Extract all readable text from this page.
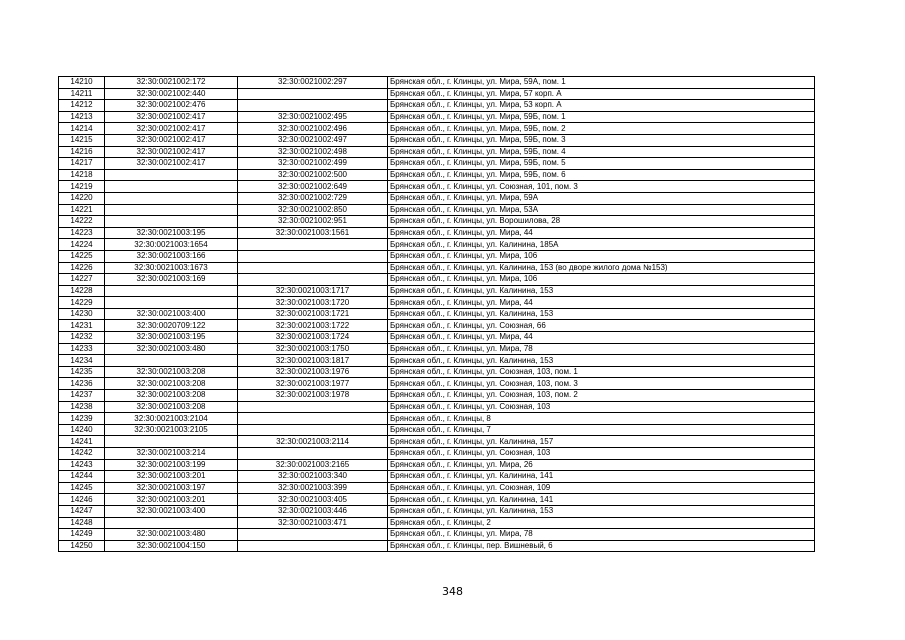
14210	32:30:0021002:172	32:30:0021002:297	Брянская обл., г. Клинцы, ул. Мира, 59А, пом. 1
14211	32:30:0021002:440		Брянская обл., г. Клинцы, ул. Мира, 57 корп. А
14212	32:30:0021002:476		Брянская обл., г. Клинцы, ул. Мира, 53 корп. А
14213	32:30:0021002:417	32:30:0021002:495	Брянская обл., г. Клинцы, ул. Мира, 59Б, пом. 1
14214	32:30:0021002:417	32:30:0021002:496	Брянская обл., г. Клинцы, ул. Мира, 59Б, пом. 2
14215	32:30:0021002:417	32:30:0021002:497	Брянская обл., г. Клинцы, ул. Мира, 59Б, пом. 3
14216	32:30:0021002:417	32:30:0021002:498	Брянская обл., г. Клинцы, ул. Мира, 59Б, пом. 4
14217	32:30:0021002:417	32:30:0021002:499	Брянская обл., г. Клинцы, ул. Мира, 59Б, пом. 5
14218		32:30:0021002:500	Брянская обл., г. Клинцы, ул. Мира, 59Б, пом. 6
14219		32:30:0021002:649	Брянская обл., г. Клинцы, ул. Союзная, 101, пом. 3
14220		32:30:0021002:729	Брянская обл., г. Клинцы, ул. Мира, 59А
14221		32:30:0021002:850	Брянская обл., г. Клинцы, ул. Мира, 53А
14222		32:30:0021002:951	Брянская обл., г. Клинцы, ул. Ворошилова, 28
14223	32:30:0021003:195	32:30:0021003:1561	Брянская обл., г. Клинцы, ул. Мира, 44
14224	32:30:0021003:1654		Брянская обл., г. Клинцы, ул. Калинина, 185А
14225	32:30:0021003:166		Брянская обл., г. Клинцы, ул. Мира, 106
14226	32:30:0021003:1673		Брянская обл., г. Клинцы, ул. Калинина, 153 (во дворе жилого дома №153)
14227	32:30:0021003:169		Брянская обл., г. Клинцы, ул. Мира, 106
14228		32:30:0021003:1717	Брянская обл., г. Клинцы, ул. Калинина, 153
14229		32:30:0021003:1720	Брянская обл., г. Клинцы, ул. Мира, 44
14230	32:30:0021003:400	32:30:0021003:1721	Брянская обл., г. Клинцы, ул. Калинина, 153
14231	32:30:0020709:122	32:30:0021003:1722	Брянская обл., г. Клинцы, ул. Союзная, 66
14232	32:30:0021003:195	32:30:0021003:1724	Брянская обл., г. Клинцы, ул. Мира, 44
14233	32:30:0021003:480	32:30:0021003:1750	Брянская обл., г. Клинцы, ул. Мира, 78
14234		32:30:0021003:1817	Брянская обл., г. Клинцы, ул. Калинина, 153
14235	32:30:0021003:208	32:30:0021003:1976	Брянская обл., г. Клинцы, ул. Союзная, 103, пом. 1
14236	32:30:0021003:208	32:30:0021003:1977	Брянская обл., г. Клинцы, ул. Союзная, 103, пом. 3
14237	32:30:0021003:208	32:30:0021003:1978	Брянская обл., г. Клинцы, ул. Союзная, 103, пом. 2
14238	32:30:0021003:208		Брянская обл., г. Клинцы, ул. Союзная, 103
14239	32:30:0021003:2104		Брянская обл., г. Клинцы, 8
14240	32:30:0021003:2105		Брянская обл., г. Клинцы, 7
14241		32:30:0021003:2114	Брянская обл., г. Клинцы, ул. Калинина, 157
14242	32:30:0021003:214		Брянская обл., г. Клинцы, ул. Союзная, 103
14243	32:30:0021003:199	32:30:0021003:2165	Брянская обл., г. Клинцы, ул. Мира, 26
14244	32:30:0021003:201	32:30:0021003:340	Брянская обл., г. Клинцы, ул. Калинина, 141
14245	32:30:0021003:197	32:30:0021003:399	Брянская обл., г. Клинцы, ул. Союзная, 109
14246	32:30:0021003:201	32:30:0021003:405	Брянская обл., г. Клинцы, ул. Калинина, 141
14247	32:30:0021003:400	32:30:0021003:446	Брянская обл., г. Клинцы, ул. Калинина, 153
14248		32:30:0021003:471	Брянская обл., г. Клинцы, 2
14249	32:30:0021003:480		Брянская обл., г. Клинцы, ул. Мира, 78
14250	32:30:0021004:150		Брянская обл., г. Клинцы, пер. Вишневый, 6
348
